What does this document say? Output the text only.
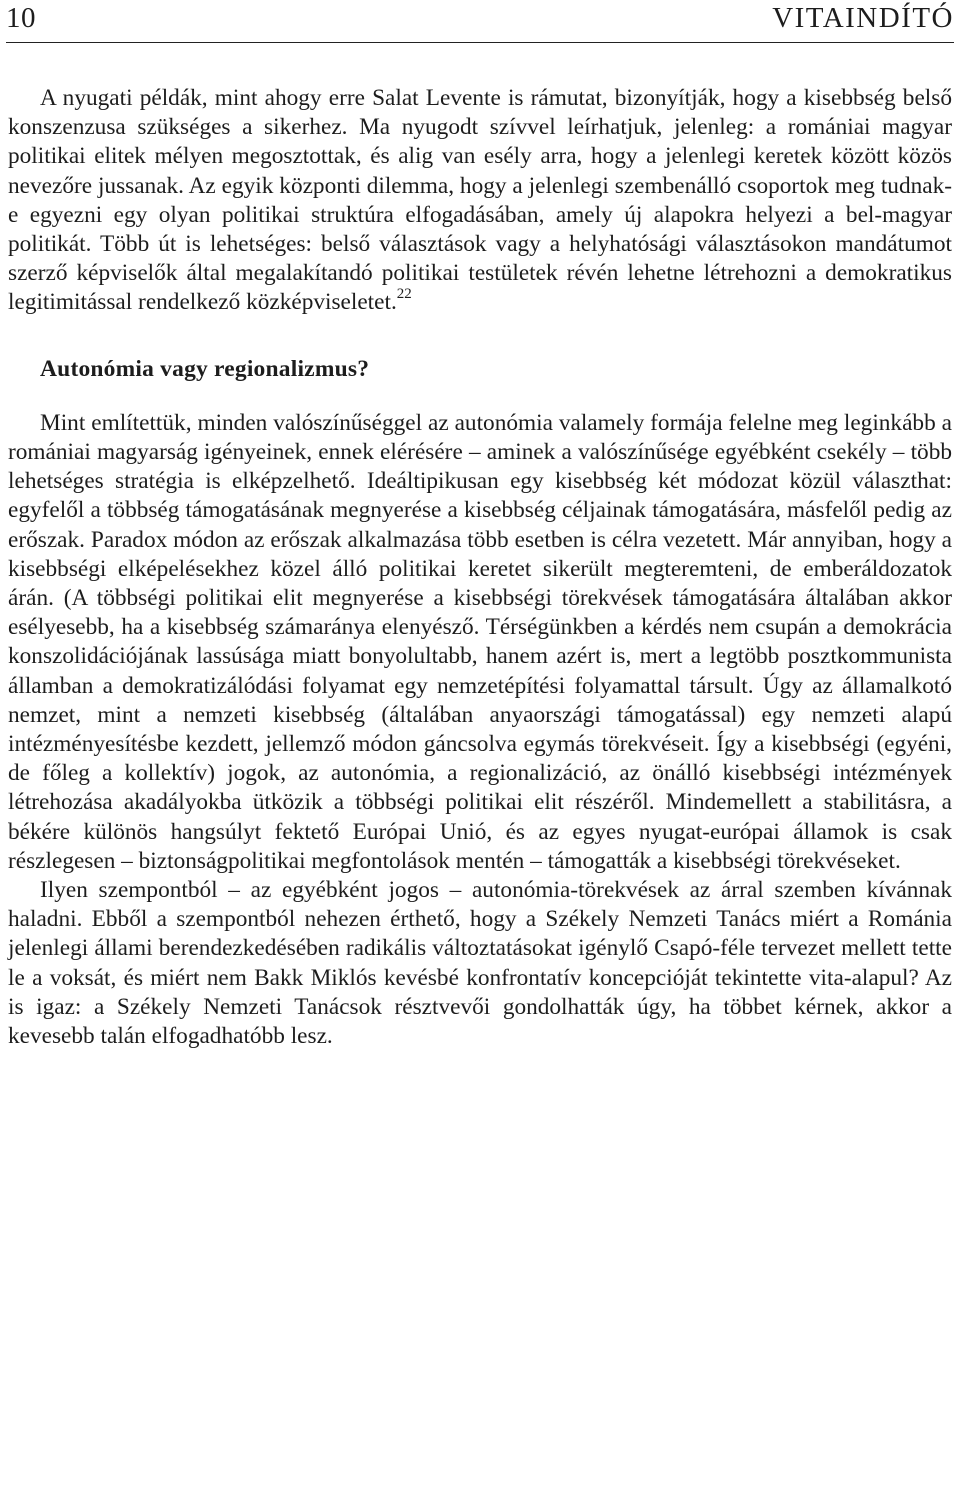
10	VITAINDÍTÓ

A nyugati példák, mint ahogy erre Salat Levente is rámutat, bizonyítják, hogy a kisebbség belső konszenzusa szükséges a sikerhez. Ma nyugodt szívvel leírhatjuk, jelenleg: a romániai magyar politikai elitek mélyen megosztottak, és alig van esély arra, hogy a jelenlegi keretek között közös nevezőre jussanak. Az egyik központi dilemma, hogy a jelenlegi szembenálló csoportok meg tudnak-e egyezni egy olyan politikai struktúra elfogadásában, amely új alapokra helyezi a bel-magyar politikát. Több út is lehetséges: belső választások vagy a helyhatósági választásokon mandátumot szerző képviselők által megalakítandó politikai testületek révén lehetne létrehozni a demokratikus legitimitással rendelkező közképviseletet.$^{22}$

Autonómia vagy regionalizmus?

Mint említettük, minden valószínűséggel az autonómia valamely formája felelne meg leginkább a romániai magyarság igényeinek, ennek elérésére – aminek a valószínűsége egyébként csekély – több lehetséges stratégia is elképzelhető. Ideáltipikusan egy kisebbség két módozat közül választhat: egyfelől a többség támogatásának megnyerése a kisebbség céljainak támogatására, másfelől pedig az erőszak. Paradox módon az erőszak alkalmazása több esetben is célra vezetett. Már annyiban, hogy a kisebbségi elképelésekhez közel álló politikai keretet sikerült megteremteni, de emberáldozatok árán. (A többségi politikai elit megnyerése a kisebbségi törekvések támogatására általában akkor esélyesebb, ha a kisebbség számaránya elenyésző. Térségünkben a kérdés nem csupán a demokrácia konszolidációjának lassúsága miatt bonyolultabb, hanem azért is, mert a legtöbb posztkommunista államban a demokratizálódási folyamat egy nemzetépítési folyamattal társult. Úgy az államalkotó nemzet, mint a nemzeti kisebbség (általában anyaországi támogatással) egy nemzeti alapú intézményesítésbe kezdett, jellemző módon gáncsolva egymás törekvéseit. Így a kisebbségi (egyéni, de főleg a kollektív) jogok, az autonómia, a regionalizáció, az önálló kisebbségi intézmények létrehozása akadályokba ütközik a többségi politikai elit részéről. Mindemellett a stabilitásra, a békére különös hangsúlyt fektető Európai Unió, és az egyes nyugat-európai államok is csak részlegesen – biztonságpolitikai megfontolások mentén – támogatták a kisebbségi törekvéseket.

Ilyen szempontból – az egyébként jogos – autonómia-törekvések az árral szemben kívánnak haladni. Ebből a szempontból nehezen érthető, hogy a Székely Nemzeti Tanács miért a Románia jelenlegi állami berendezkedésében radikális változtatásokat igénylő Csapó-féle tervezet mellett tette le a voksát, és miért nem Bakk Miklós kevésbé konfrontatív koncepcióját tekintette vita-alapul? Az is igaz: a Székely Nemzeti Tanácsok résztvevői gondolhatták úgy, ha többet kérnek, akkor a kevesebb talán elfogadhatóbb lesz.
